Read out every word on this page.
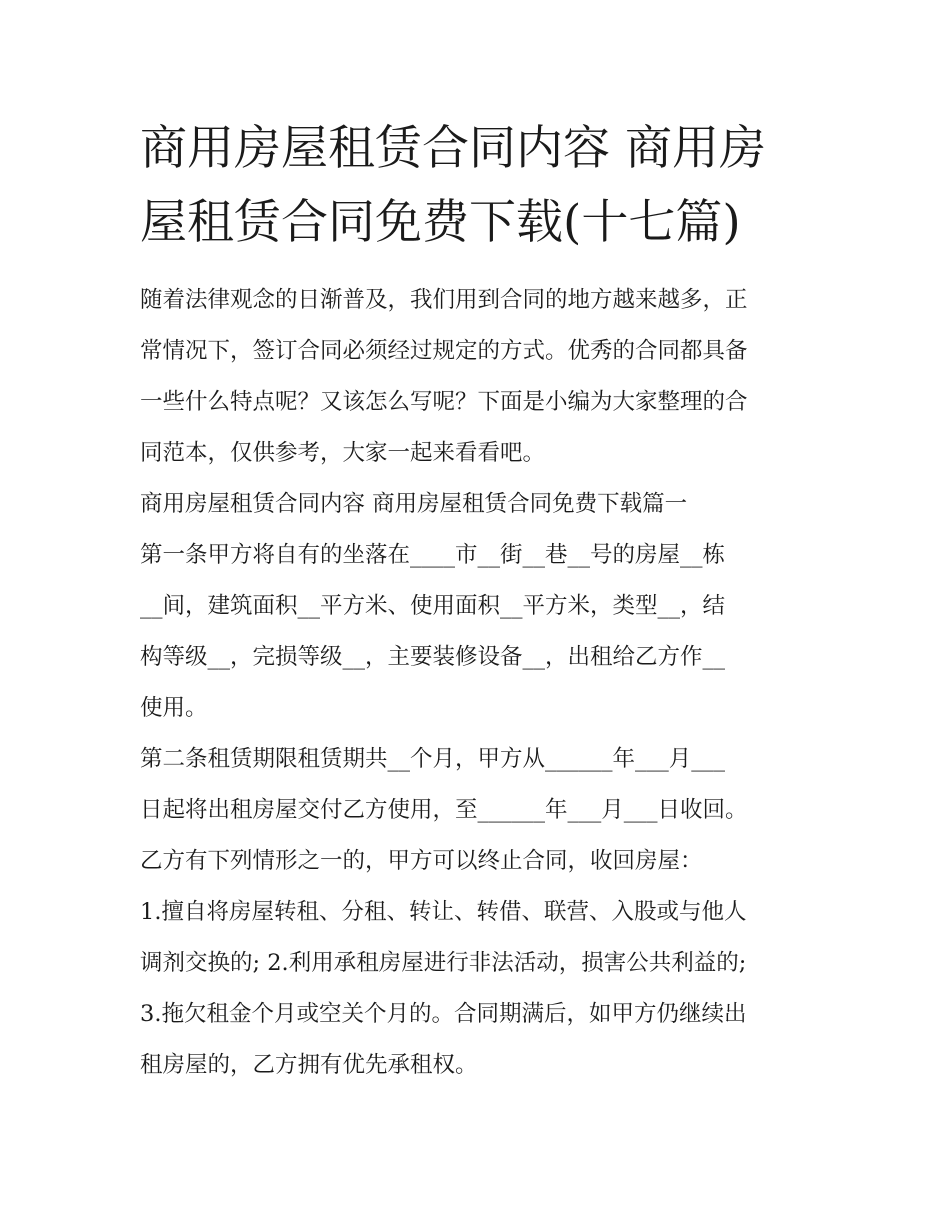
商用房屋租赁合同内容 商用房
屋租赁合同免费下载(十七篇)

随着法律观念的日渐普及，我们用到合同的地方越来越多，正
常情况下，签订合同必须经过规定的方式。优秀的合同都具备
一些什么特点呢？又该怎么写呢？下面是小编为大家整理的合
同范本，仅供参考，大家一起来看看吧。

商用房屋租赁合同内容 商用房屋租赁合同免费下载篇一

第一条甲方将自有的坐落在____市__街__巷__号的房屋__栋
__间，建筑面积__平方米、使用面积__平方米，类型__，结
构等级__，完损等级__，主要装修设备__，出租给乙方作__
使用。

第二条租赁期限租赁期共__个月，甲方从______年___月___
日起将出租房屋交付乙方使用，至______年___月___日收回。

乙方有下列情形之一的，甲方可以终止合同，收回房屋：

1.擅自将房屋转租、分租、转让、转借、联营、入股或与他人
调剂交换的; 2.利用承租房屋进行非法活动，损害公共利益的;
3.拖欠租金个月或空关个月的。合同期满后，如甲方仍继续出
租房屋的，乙方拥有优先承租权。
